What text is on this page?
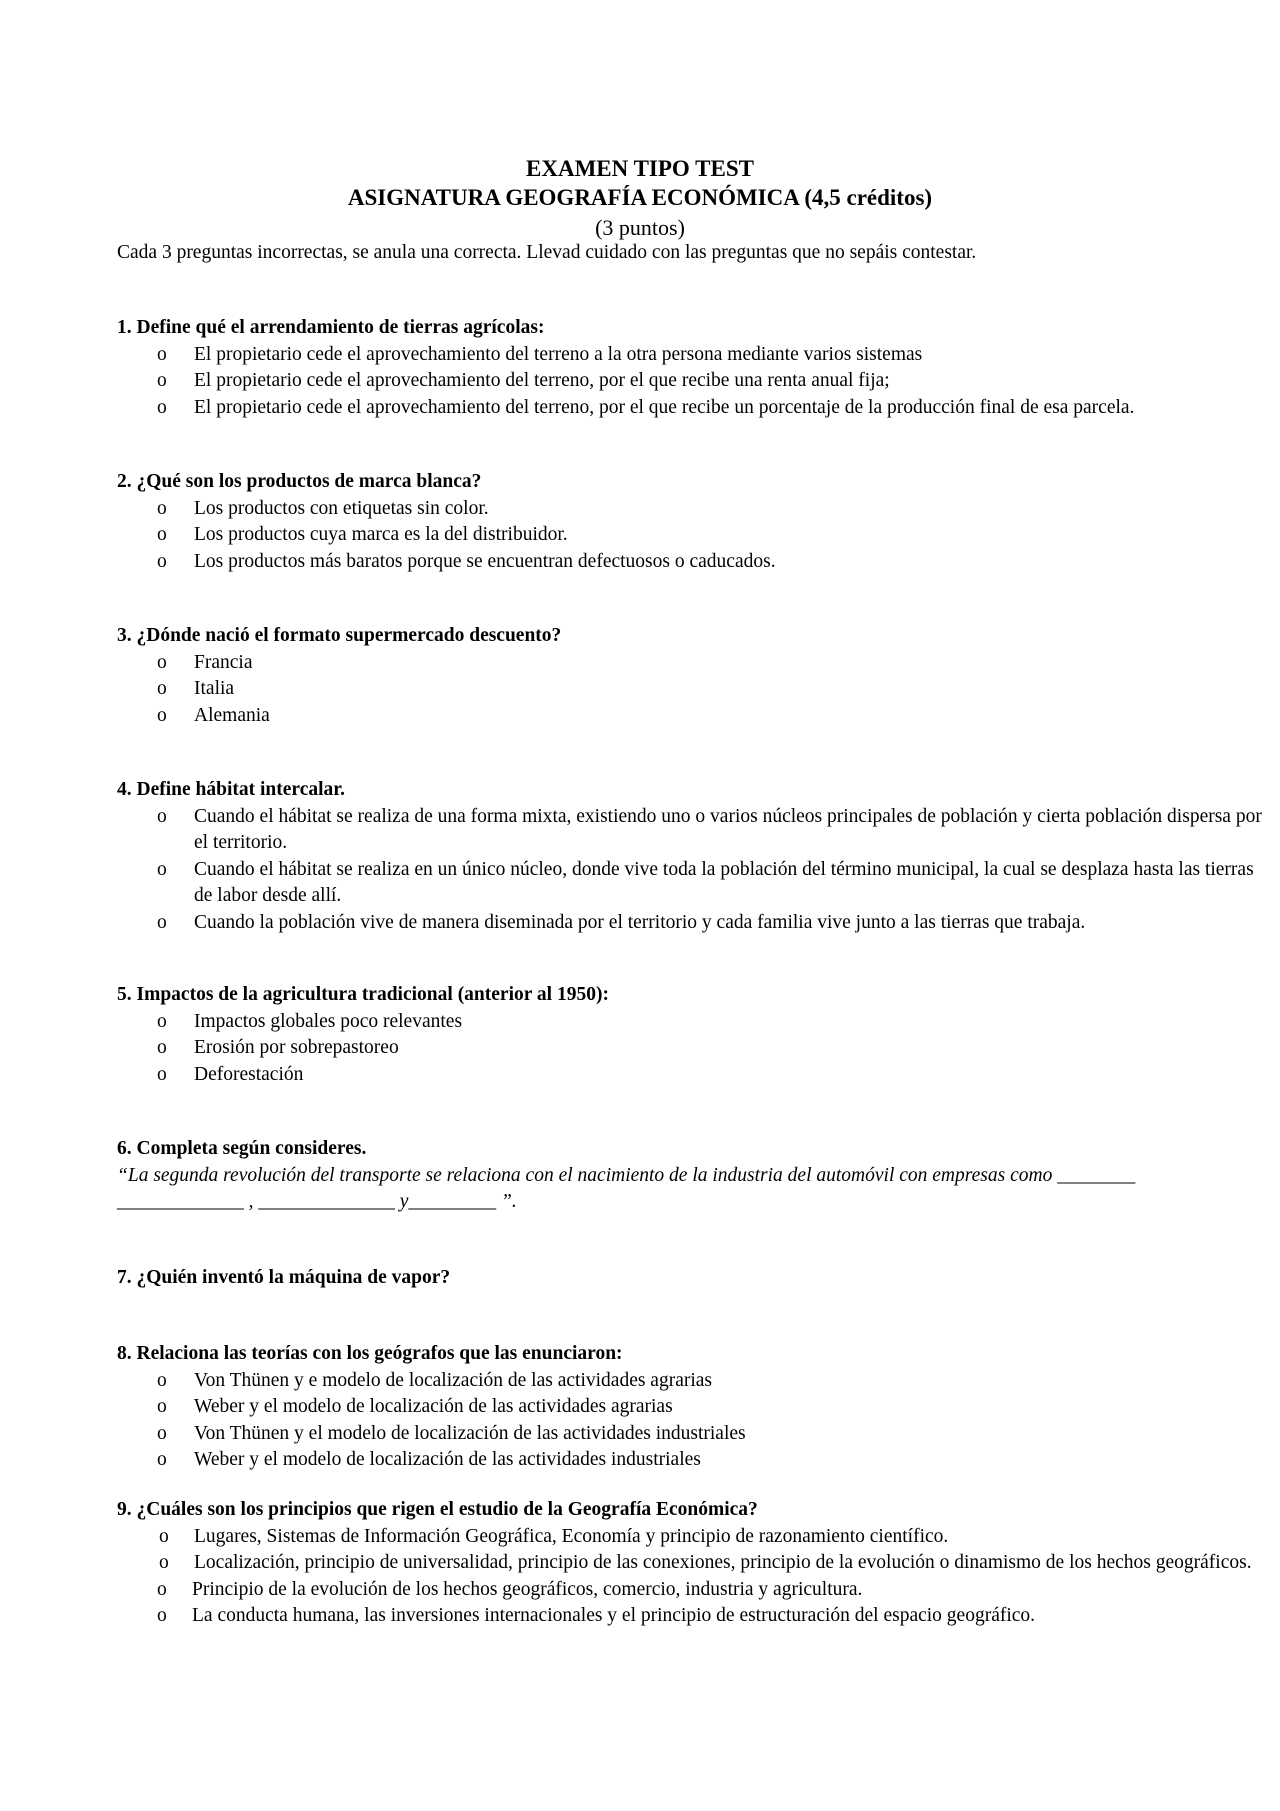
EXAMEN TIPO TEST
ASIGNATURA GEOGRAFÍA ECONÓMICA (4,5 créditos)
(3 puntos)
Cada 3 preguntas incorrectas, se anula una correcta. Llevad cuidado con las preguntas que no sepáis contestar.
1. Define qué el arrendamiento de tierras agrícolas:
o El propietario cede el aprovechamiento del terreno a la otra persona mediante varios sistemas
o El propietario cede el aprovechamiento del terreno, por el que recibe una renta anual fija;
o El propietario cede el aprovechamiento del terreno, por el que recibe un porcentaje de la producción final de esa parcela.
2. ¿Qué son los productos de marca blanca?
o Los productos con etiquetas sin color.
o Los productos cuya marca es la del distribuidor.
o Los productos más baratos porque se encuentran defectuosos o caducados.
3. ¿Dónde nació el formato supermercado descuento?
o Francia
o Italia
o Alemania
4. Define hábitat intercalar.
o Cuando el hábitat se realiza de una forma mixta, existiendo uno o varios núcleos principales de población y cierta población dispersa por el territorio.
o Cuando el hábitat se realiza en un único núcleo, donde vive toda la población del término municipal, la cual se desplaza hasta las tierras de labor desde allí.
o Cuando la población vive de manera diseminada por el territorio y cada familia vive junto a las tierras que trabaja.
5. Impactos de la agricultura tradicional (anterior al 1950):
o Impactos globales poco relevantes
o Erosión por sobrepastoreo
o Deforestación
6. Completa según consideres.
“La segunda revolución del transporte se relaciona con el nacimiento de la industria del automóvil con empresas como ________
_____________ , ______________ y_________ ”.
7. ¿Quién inventó la máquina de vapor?
8. Relaciona las teorías con los geógrafos que las enunciaron:
o Von Thünen y e modelo de localización de las actividades agrarias
o Weber y el modelo de localización de las actividades agrarias
o Von Thünen y el modelo de localización de las actividades industriales
o Weber y el modelo de localización de las actividades industriales
9. ¿Cuáles son los principios que rigen el estudio de la Geografía Económica?
o Lugares, Sistemas de Información Geográfica, Economía y principio de razonamiento científico.
o Localización, principio de universalidad, principio de las conexiones, principio de la evolución o dinamismo de los hechos geográficos.
o Principio de la evolución de los hechos geográficos, comercio, industria y agricultura.
o La conducta humana, las inversiones internacionales y el principio de estructuración del espacio geográfico.
